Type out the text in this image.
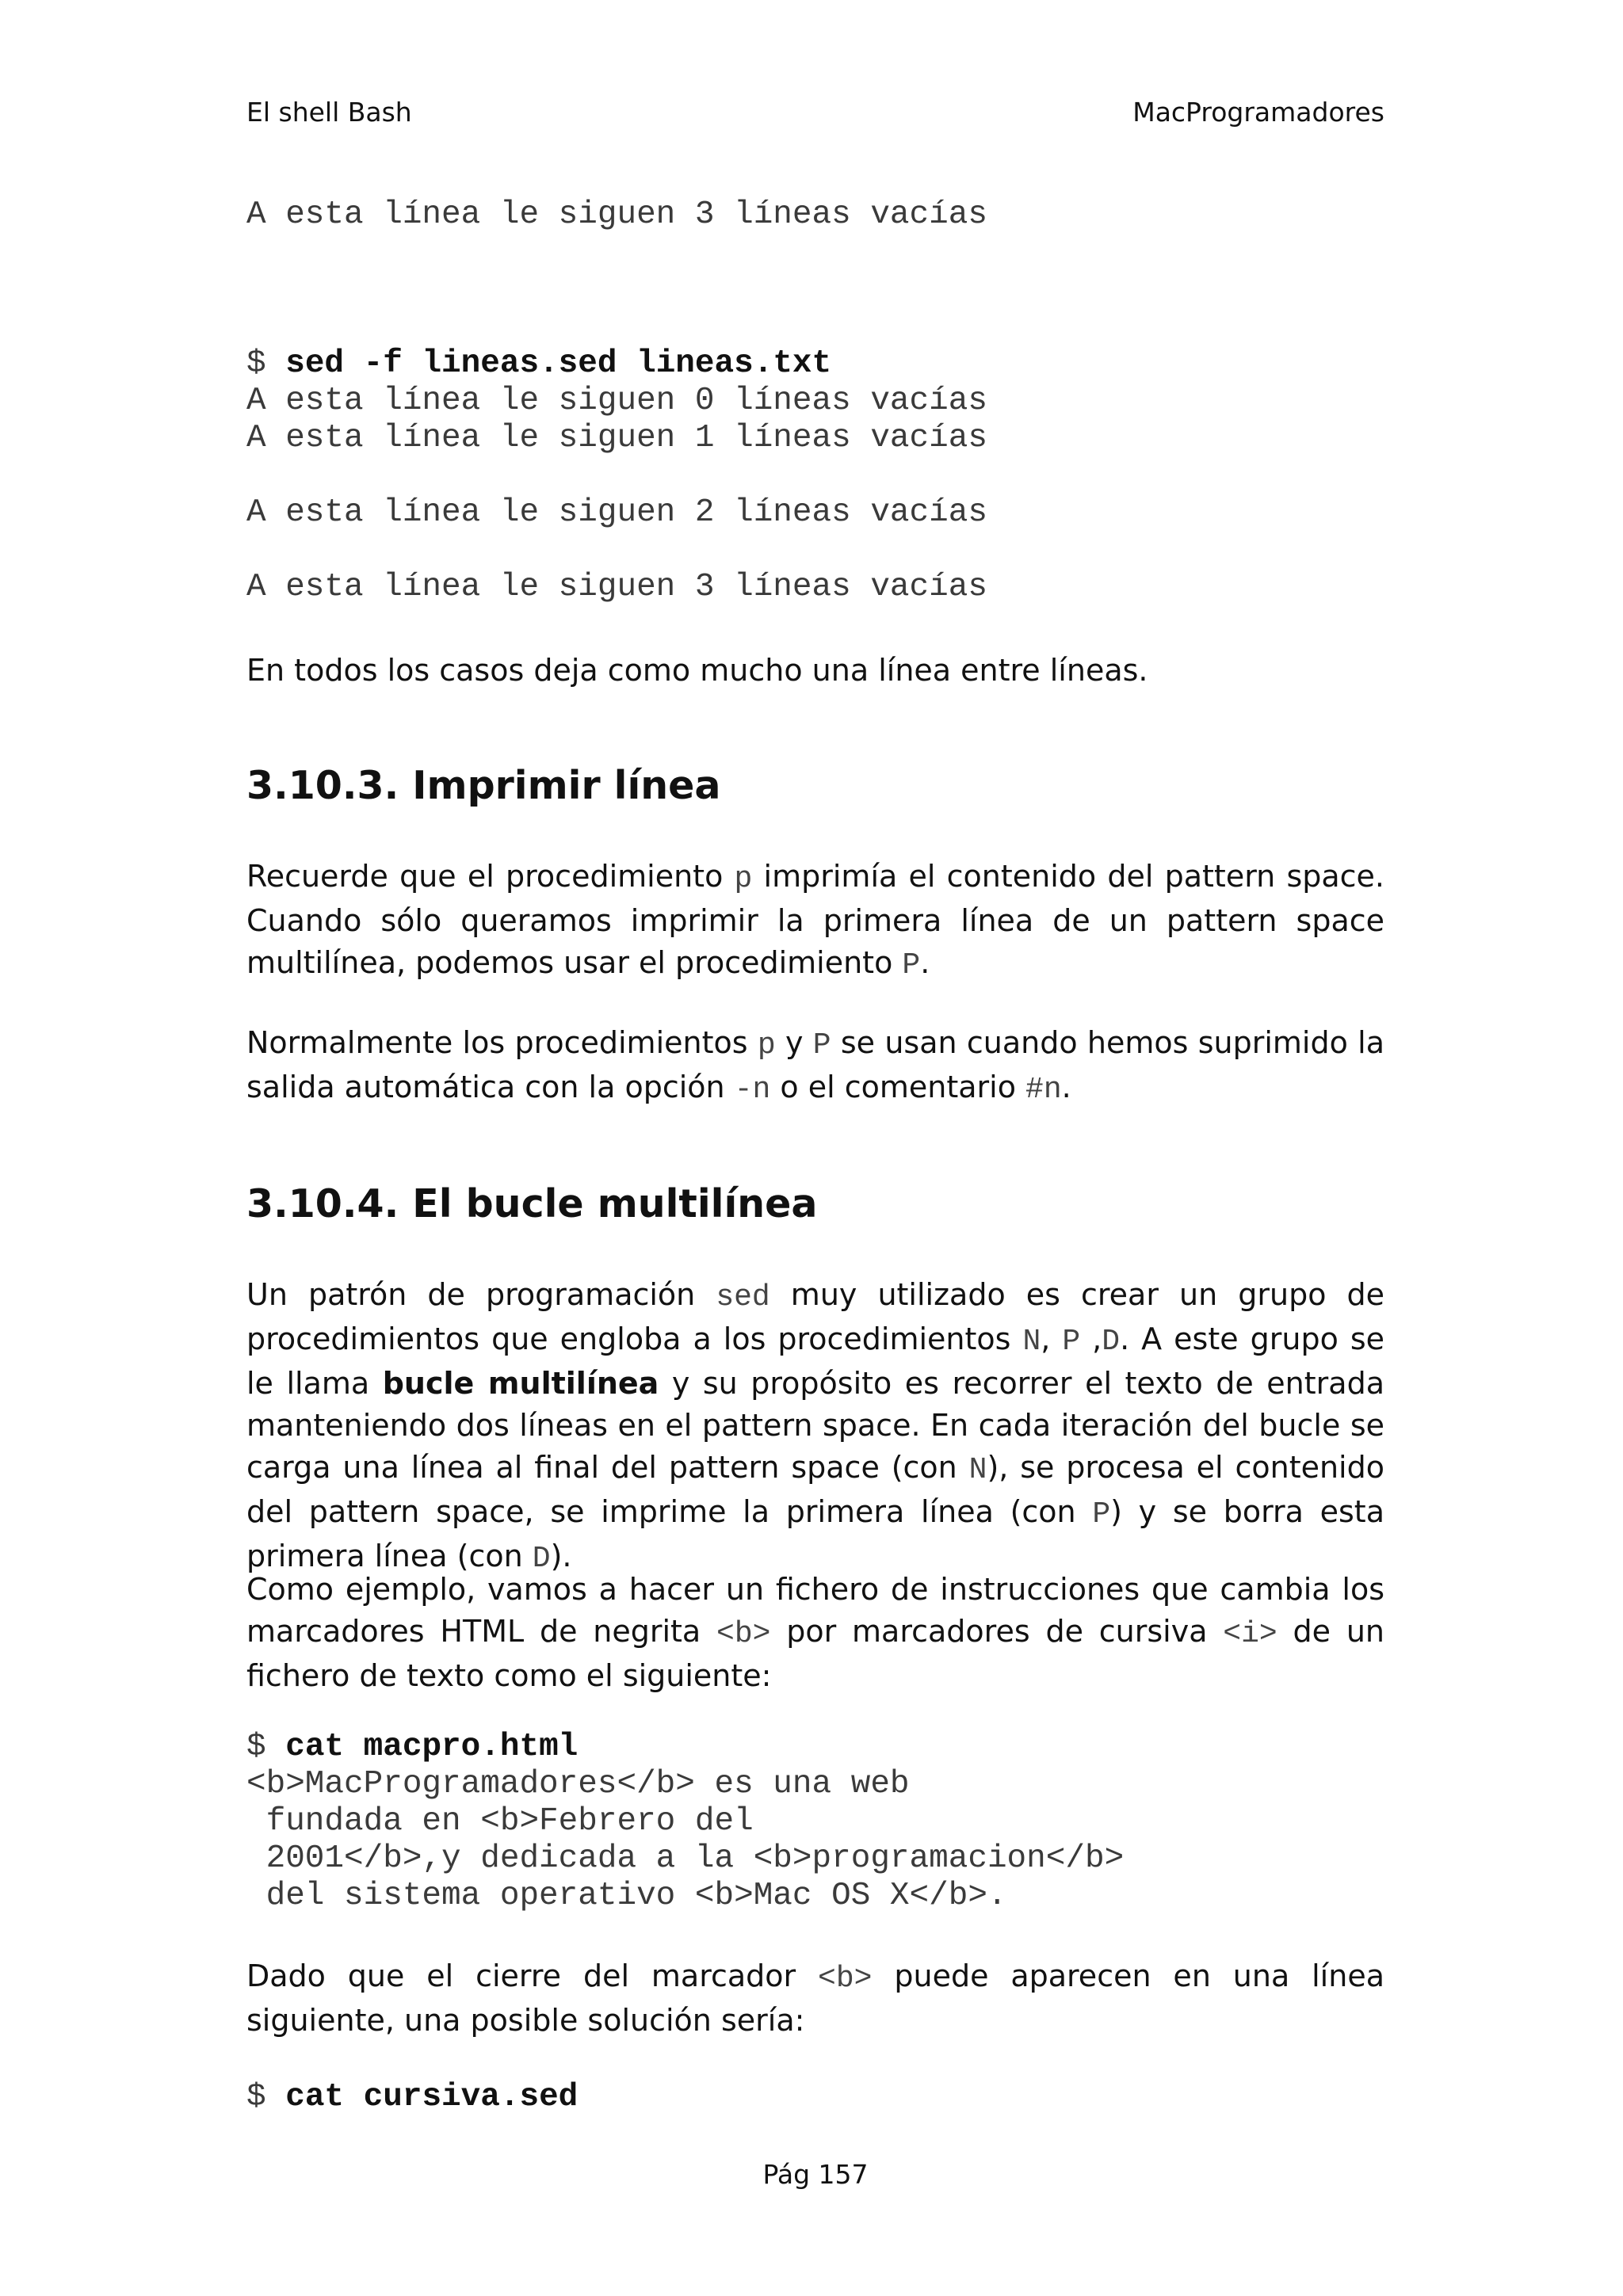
El shell Bash	MacProgramadores
A esta línea le siguen 3 líneas vacías
$ sed -f lineas.sed lineas.txt
A esta línea le siguen 0 líneas vacías
A esta línea le siguen 1 líneas vacías

A esta línea le siguen 2 líneas vacías

A esta línea le siguen 3 líneas vacías

En todos los casos deja como mucho una línea entre líneas.

3.10.3. Imprimir línea

Recuerde que el procedimiento p imprimía el contenido del pattern space. Cuando sólo queramos imprimir la primera línea de un pattern space multilínea, podemos usar el procedimiento P.

Normalmente los procedimientos p y P se usan cuando hemos suprimido la salida automática con la opción -n o el comentario #n.

3.10.4. El bucle multilínea

Un patrón de programación sed muy utilizado es crear un grupo de procedimientos que engloba a los procedimientos N, P ,D. A este grupo se le llama bucle multilínea y su propósito es recorrer el texto de entrada manteniendo dos líneas en el pattern space. En cada iteración del bucle se carga una línea al final del pattern space (con N), se procesa el contenido del pattern space, se imprime la primera línea (con P) y se borra esta primera línea (con D).

Como ejemplo, vamos a hacer un fichero de instrucciones que cambia los marcadores HTML de negrita <b> por marcadores de cursiva <i> de un fichero de texto como el siguiente:

$ cat macpro.html
<b>MacProgramadores</b> es una web
fundada en <b>Febrero del
2001</b>,y dedicada a la <b>programacion</b>
del sistema operativo <b>Mac OS X</b>.

Dado que el cierre del marcador <b> puede aparecen en una línea siguiente, una posible solución sería:

$ cat cursiva.sed
Pág 157
